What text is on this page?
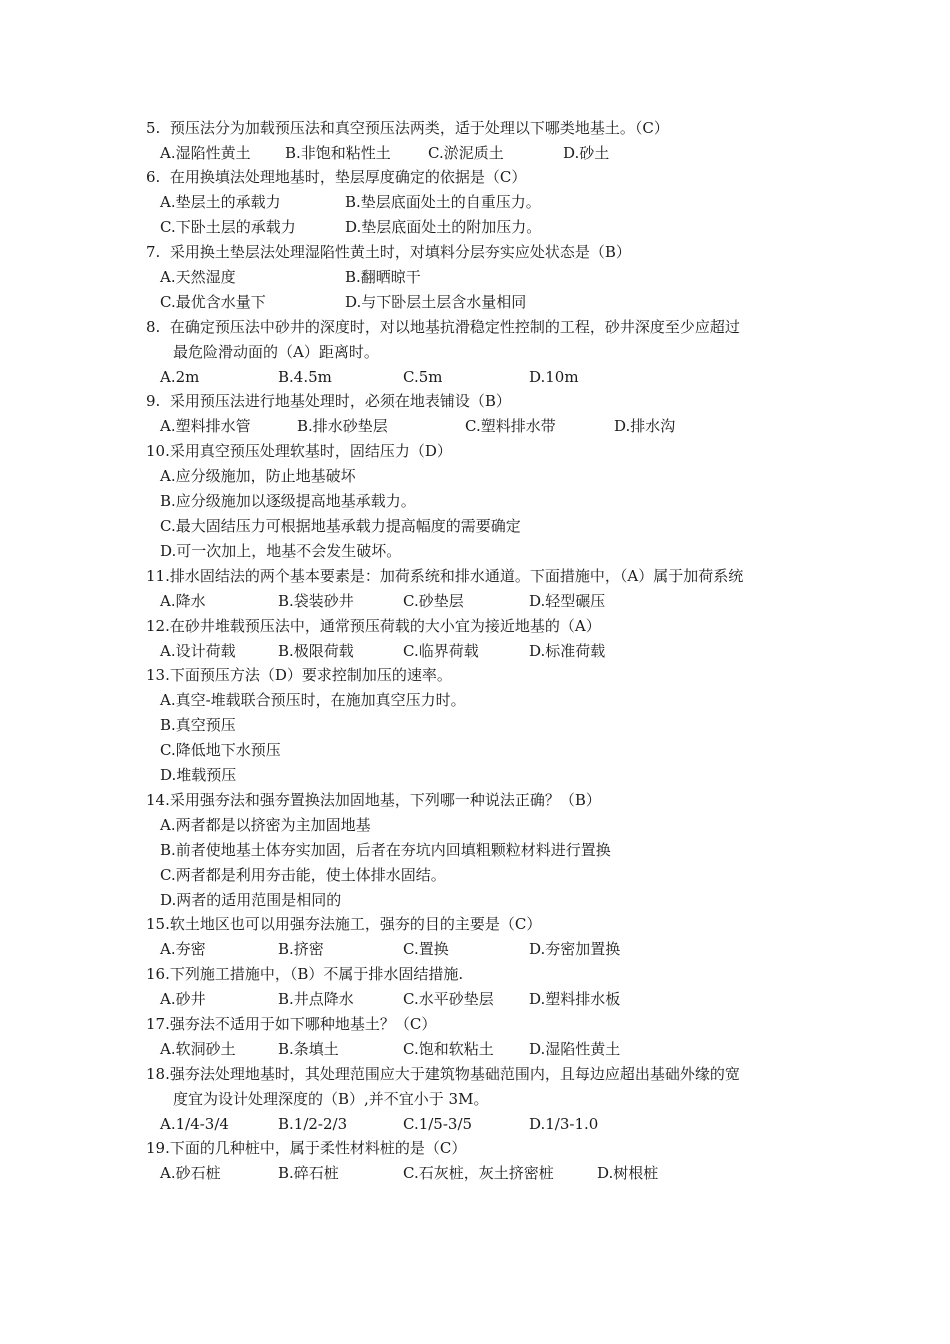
5. 预压法分为加载预压法和真空预压法两类，适于处理以下哪类地基土。（C）
A.湿陷性黄土 B.非饱和粘性土 C.淤泥质土	D.砂土
6. 在用换填法处理地基时，垫层厚度确定的依据是（C）
A.垫层土的承载力	B.垫层底面处土的自重压力。
C.下卧土层的承载力	D.垫层底面处土的附加压力。
7. 采用换土垫层法处理湿陷性黄土时，对填料分层夯实应处状态是（B）
A.天然湿度	B.翻晒晾干
C.最优含水量下	D.与下卧层土层含水量相同
8. 在确定预压法中砂井的深度时，对以地基抗滑稳定性控制的工程，砂井深度至少应超过
最危险滑动面的（A）距离时。
A.2m	B.4.5m	C.5m	D.10m
9. 采用预压法进行地基处理时，必须在地表铺设（B）
A.塑料排水管	B.排水砂垫层	C.塑料排水带	D.排水沟
10.采用真空预压处理软基时，固结压力（D）
A.应分级施加，防止地基破坏
B.应分级施加以逐级提高地基承载力。
C.最大固结压力可根据地基承载力提高幅度的需要确定
D.可一次加上，地基不会发生破坏。
11.排水固结法的两个基本要素是：加荷系统和排水通道。下面措施中，（A）属于加荷系统
A.降水	B.袋装砂井	C.砂垫层	D.轻型碾压
12.在砂井堆载预压法中，通常预压荷载的大小宜为接近地基的（A）
A.设计荷载	B.极限荷载	C.临界荷载	D.标准荷载
13.下面预压方法（D）要求控制加压的速率。
A.真空-堆载联合预压时，在施加真空压力时。
B.真空预压
C.降低地下水预压
D.堆载预压
14.采用强夯法和强夯置换法加固地基，下列哪一种说法正确？（B）
A.两者都是以挤密为主加固地基
B.前者使地基土体夯实加固，后者在夯坑内回填粗颗粒材料进行置换
C.两者都是利用夯击能，使土体排水固结。
D.两者的适用范围是相同的
15.软土地区也可以用强夯法施工，强夯的目的主要是（C）
A.夯密	B.挤密	C.置换	D.夯密加置换
16.下列施工措施中，（B）不属于排水固结措施.
A.砂井	B.井点降水	C.水平砂垫层 D.塑料排水板
17.强夯法不适用于如下哪种地基土？（C）
A.软洞砂土	B.条填土	C.饱和软粘土 D.湿陷性黄土
18.强夯法处理地基时，其处理范围应大于建筑物基础范围内，且每边应超出基础外缘的宽
度宜为设计处理深度的（B）,并不宜小于 3M。
A.1/4-3/4	B.1/2-2/3	C.1/5-3/5	D.1/3-1.0
19.下面的几种桩中，属于柔性材料桩的是（C）
A.砂石桩	B.碎石桩	C.石灰桩，灰土挤密桩	D.树根桩
